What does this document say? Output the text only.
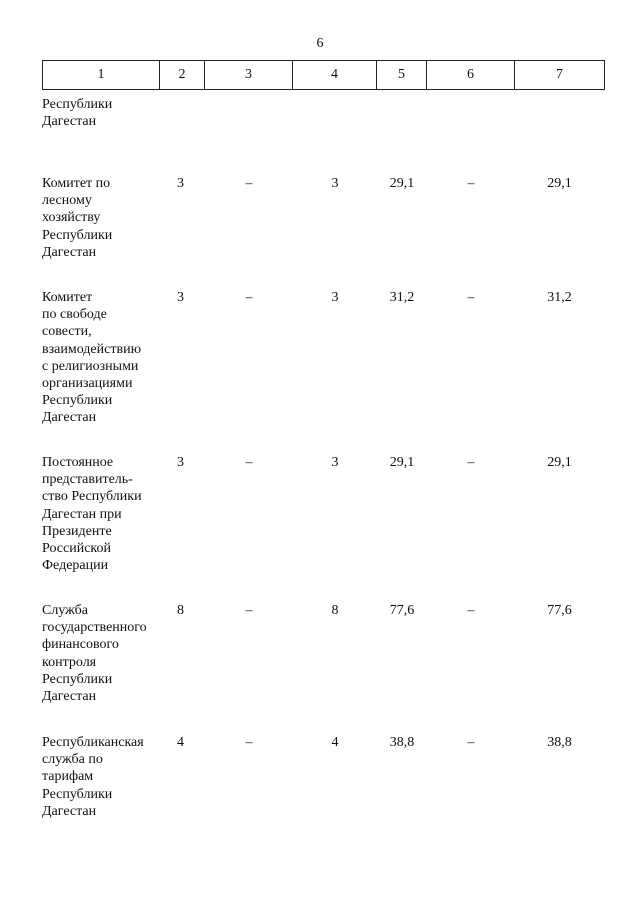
6
1	2	3	4	5	6	7
Республики
Дагестан
Комитет по
лесному
хозяйству
Республики
Дагестан
3	–	3	29,1	–	29,1
Комитет
по свободе
совести,
взаимодействию
с религиозными
организациями
Республики
Дагестан
3	–	3	31,2	–	31,2
Постоянное
представитель-
ство Республики
Дагестан при
Президенте
Российской
Федерации
3	–	3	29,1	–	29,1
Служба
государственного
финансового
контроля
Республики
Дагестан
8	–	8	77,6	–	77,6
Республиканская
служба по
тарифам
Республики
Дагестан
4	–	4	38,8	–	38,8
